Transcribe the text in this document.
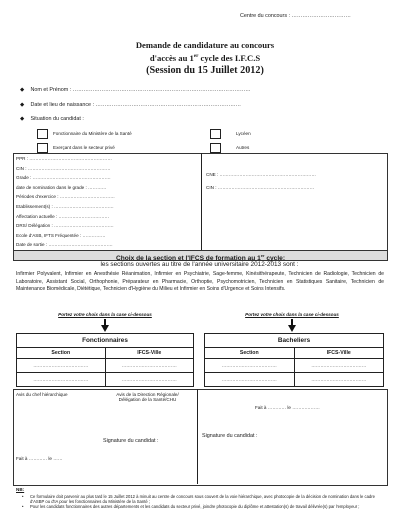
Centre du concours : ……………………………
Demande de candidature au concours
d'accès au 1er cycle des I.F.C.S
(Session du 15 Juillet 2012)
◆ Nom et Prénom : ………………………………………………………………………………………
◆ Date et lieu de naissance : ………………………………………………………………………
◆ Situation du candidat :
Fonctionnaire du Ministère de la Santé
Exerçant dans le secteur privé
Lycéen
Autres
PPR : ………………………………………………
CIN : ………………………………………………
Grade : ……………………………………………
date de nomination dans le grade : …………
Périodes d'exercice : ………………………………
Etablissement(s) : …………………………………
Affectation actuelle : ……………………………
DRS/ Délégation : …………………………………
Ecole d'ASB, IFTS Fréquentée : ……………
Date de sortie : ……………………………………
CNE : ………………………………………………………
CIN : ………………………………………………………
Choix de la section et l'IFCS de formation au 1er cycle:
les sections ouvertes au titre de l'année universitaire 2012-2013 sont :
Infirmier Polyvalent, Infirmier en Anesthésie Réanimation, Infirmier en Psychiatrie, Sage-femme, Kinésithérapeute, Technicien de Radiologie, Technicien de Laboratoire, Assistant Social, Orthophonie, Préparateur en Pharmacie, Orthoptie, Psychomotricien, Technicien en Statistiques Sanitaire, Technicien de Maintenance Biomédicale, Diététique, Technicien d'Hygiène du Milieu et Infirmier en Soins d'Urgence et Soins Intensifs.
Portez votre choix dans la case ci-dessous	Portez votre choix dans la case ci-dessous
Fonctionnaires	
Section	IFCS-Ville
………………………………	………………………………
………………………………	………………………………
Bacheliers	
Section	IFCS-Ville
………………………………	………………………………
………………………………	………………………………
Avis du chef hiérarchique	Avis de la Direction Régionale/
Délégation de la Santé/CHU
Fait à ………… le ………………
Signature du candidat :
Signature du candidat :
Fait à ………… le ……
NB:
•	Ce formulaire doit parvenir au plus tard le 15 Juillet 2012 à minuit au centre de concours sous couvert de la voie hiérarchique, avec photocopie de la décision de nomination dans le cadre d'ASBP ou d'IA pour les fonctionnaires du Ministère de la Santé ;
•	Pour les candidats fonctionnaires des autres départements et les candidats du secteur privé, joindre photocopie du diplôme et attestation(s) de travail délivrée(s) par l'employeur ;
